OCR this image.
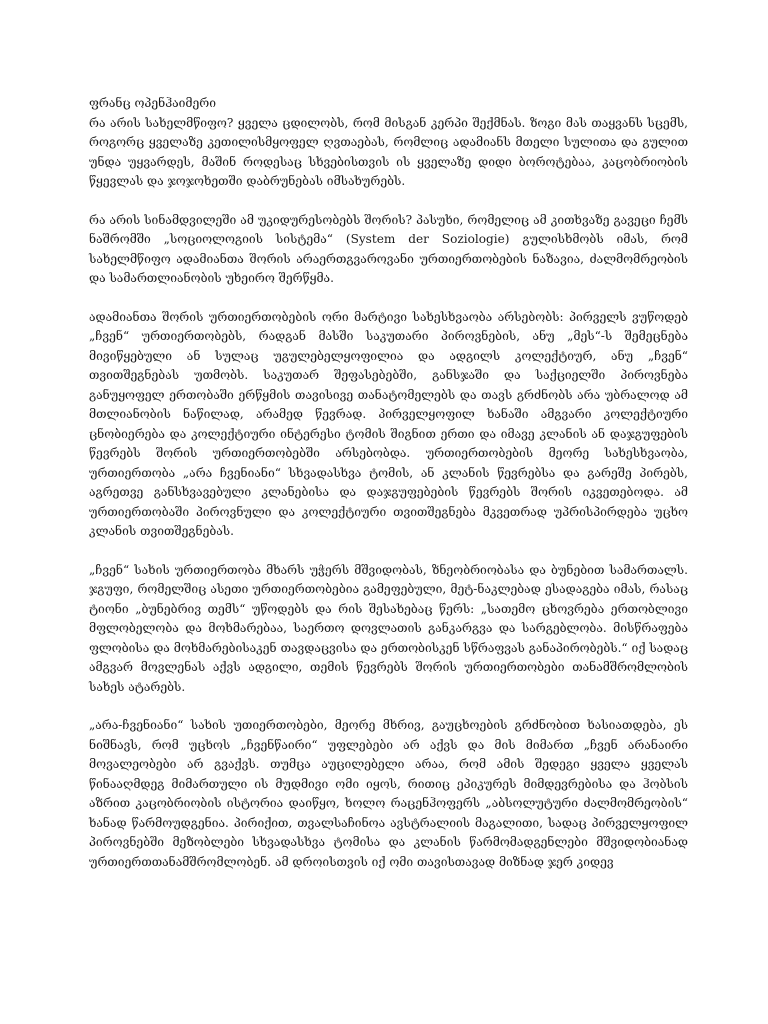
ფრანც ოპენჰაიმერი

რა არის სახელმწიფო? ყველა ცდილობს, რომ მისგან კერპი შექმნას. ზოგი მას თაყვანს სცემს, როგორც ყველაზე კეთილისმყოფელ ღვთაებას, რომლიც ადამიანს მთელი სულითა და გულით უნდა უყვარდეს, მაშინ როდესაც სხვებისთვის ის ყველაზე დიდი ბოროტებაა, კაცობრიობის წყევლას და ჯოჯოხეთში დაბრუნებას იმსახურებს.

რა არის სინამდვილეში ამ უკიდურესობებს შორის? პასუხი, რომელიც ამ კითხვაზე გავეცი ჩემს ნაშრომში „სოციოლოგიის სისტემა“ (System der Soziologie) გულისხმობს იმას, რომ სახელმწიფო ადამიანთა შორის არაერთგვაროვანი ურთიერთობების ნაზავია, ძალმომრეობის და სამართლიანობის უხეირო შერწყმა.

ადამიანთა შორის ურთიერთობების ორი მარტივი სახესხვაობა არსებობს: პირველს ვუწოდებ „ჩვენ“ ურთიერთობებს, რადგან მასში საკუთარი პიროვნების, ანუ „მეს“-ს შემეცნება მივიწყებული ან სულაც უგულებელყოფილია და ადგილს კოლექტიურ, ანუ „ჩვენ“ თვითშეგნებას უთმობს. საკუთარ შეფასებებში, განსჯაში და საქციელში პიროვნება განუყოფელ ერთობაში ერწყმის თავისივე თანატომელებს და თავს გრძნობს არა უბრალოდ ამ მთლიანობის ნაწილად, არამედ წევრად. პირველყოფილ ხანაში ამგვარი კოლექტიური ცნობიერება და კოლექტიური ინტერესი ტომის შიგნით ერთი და იმავე კლანის ან დაჯგუფების წევრებს შორის ურთიერთობებში არსებობდა. ურთიერთობების მეორე სახესხვაობა, ურთიერთობა „არა ჩვენიანი“ სხვადასხვა ტომის, ან კლანის წევრებსა და გარეშე პირებს, აგრეთვე განსხვავებული კლანებისა და დაჯგუფებების წევრებს შორის იკვეთებოდა. ამ ურთიერთობაში პიროვნული და კოლექტიური თვითშეგნება მკვეთრად უპრისპირდება უცხო კლანის თვითშეგნებას.

„ჩვენ“ სახის ურთიერთობა მხარს უჭერს მშვიდობას, ზნეობრიობასა და ბუნებით სამართალს. ჯგუფი, რომელშიც ასეთი ურთიერთობებია გამეფებული, მეტ-ნაკლებად ესადაგება იმას, რასაც ტიონი „ბუნებრივ თემს“ უწოდებს და რის შესახებაც წერს: „სათემო ცხოვრება ერთობლივი მფლობელობა და მოხმარებაა, საერთო დოვლათის განკარგვა და სარგებლობა. მისწრაფება ფლობისა და მოხმარებისაკენ თავდაცვისა და ერთობისკენ სწრაფვას განაპირობებს.“ იქ სადაც ამგვარ მოვლენას აქვს ადგილი, თემის წევრებს შორის ურთიერთობები თანამშრომლობის სახეს ატარებს.

„არა-ჩვენიანი“ სახის უთიერთობები, მეორე მხრივ, გაუცხოების გრძნობით ხასიათდება, ეს ნიშნავს, რომ უცხოს „ჩვენწაირი“ უფლებები არ აქვს და მის მიმართ „ჩვენ არანაირი მოვალეობები არ გვაქვს. თუმცა აუცილებელი არაა, რომ ამის შედეგი ყველა ყველას წინააღმდეგ მიმართული ის მუდმივი ომი იყოს, რითიც ეპიკურეს მიმდევრებისა და ჰობსის აზრით კაცობრიობის ისტორია დაიწყო, ხოლო რაცენჰოფერს „აბსოლუტური ძალმომრეობის“ ხანად წარმოუდგენია. პირიქით, თვალსაჩინოა ავსტრალიის მაგალითი, სადაც პირველყოფილ პიროვნებში მეზობლები სხვადასხვა ტომისა და კლანის წარმომადგენლები მშვიდობიანად ურთიერთთანამშრომლობენ. ამ დროისთვის იქ ომი თავისთავად მიზნად ჯერ კიდევ
